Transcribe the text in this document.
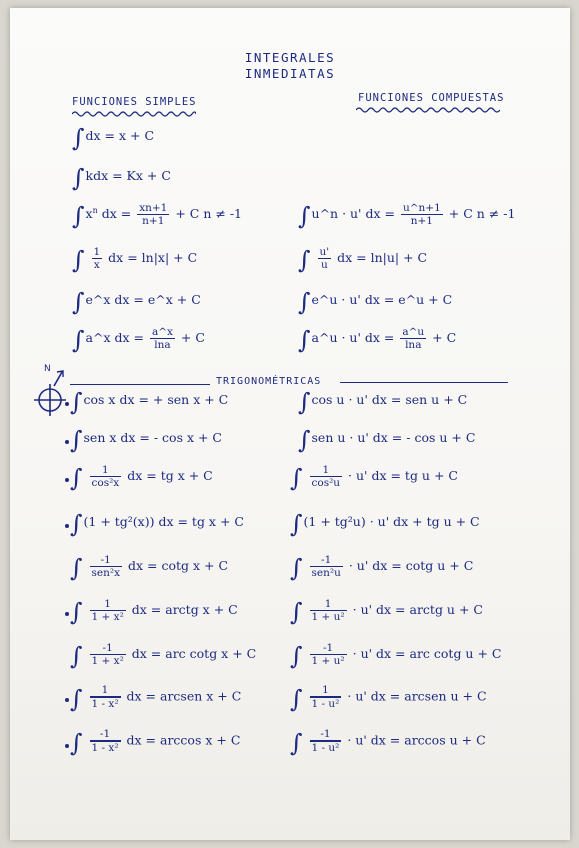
INTEGRALES
INMEDIATAS
FUNCIONES SIMPLES	FUNCIONES COMPUESTAS
∫dx = x + C
∫kdx = Kx + C
$\int x^n$ dx = $\frac{xn+1}{n+1} + C$ n ≠ -1
∫ $\frac{1}{x}$ dx = ln|x| + C
∫e^x dx = e^x + C
∫a^x dx = $\frac{a\^{}x}{\ln a} + C$
∫u^n · u' dx = $\frac{u\^{}n+1}{n+1} + C$ n ≠ -1
∫ $\frac{u'}{u}$ dx = ln|u| + C
∫e^u · u' dx = e^u + C
∫a^u · u' dx = $\frac{a\^{}u}{\ln a} + C$
N
TRIGONOMÉTRICAS
∫cos x dx = + sen x + C
∫sen x dx = - cos x + C
∫ $\frac{1}{\text{cos²x}}$ dx = tg x + C
∫(1 + tg²(x)) dx = tg x + C
∫ $\frac{-1}{\text{sen²x}}$ dx = cotg x + C
∫ $\frac{1}{\text{1 + x²}}$ dx = arctg x + C
∫ $\frac{-1}{\text{1 + x²}}$ dx = arc cotg x + C
∫ $\frac{1}{\text{1 - x²}}$ dx = arcsen x + C
∫ $\frac{-1}{\text{1 - x²}}$ dx = arccos x + C
∫cos u · u' dx = sen u + C
∫sen u · u' dx = - cos u + C
∫ $\frac{1}{\text{cos²u}} \cdot u'$ dx = tg u + C
∫(1 + tg²u) · u' dx + tg u + C
∫ $\frac{-1}{\text{sen²u}} \cdot u'$ dx = cotg u + C
∫ $\frac{1}{\text{1 + u²}} \cdot u'$ dx = arctg u + C
∫ $\frac{-1}{\text{1 + u²}} \cdot u'$ dx = arc cotg u + C
∫ $\frac{1}{\text{1 - u²}} \cdot u'$ dx = arcsen u + C
∫ $\frac{-1}{\text{1 - u²}} \cdot u'$ dx = arccos u + C
